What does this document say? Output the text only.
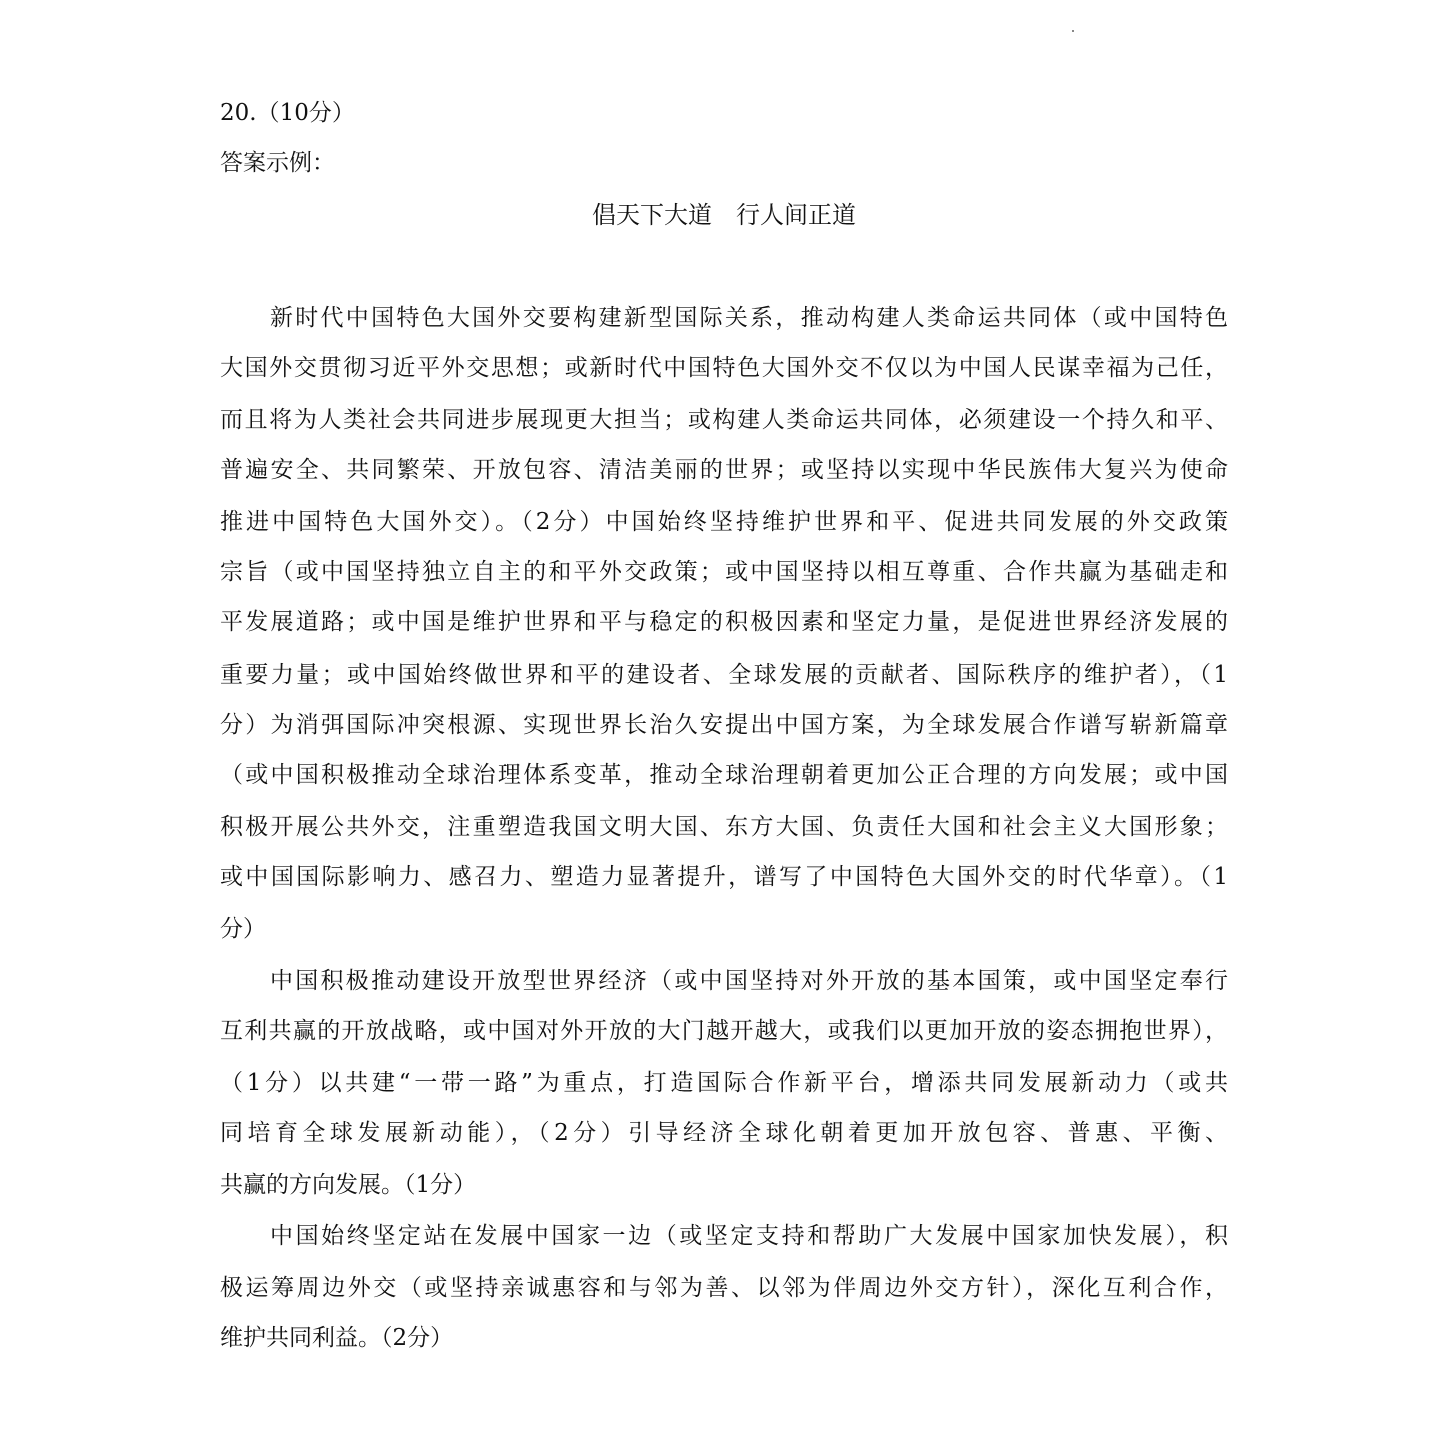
20.（10分）
答案示例：
倡天下大道　行人间正道
新时代中国特色大国外交要构建新型国际关系，推动构建人类命运共同体（或中国特色
大国外交贯彻习近平外交思想；或新时代中国特色大国外交不仅以为中国人民谋幸福为己任，
而且将为人类社会共同进步展现更大担当；或构建人类命运共同体，必须建设一个持久和平、
普遍安全、共同繁荣、开放包容、清洁美丽的世界；或坚持以实现中华民族伟大复兴为使命
推进中国特色大国外交）。（2分）中国始终坚持维护世界和平、促进共同发展的外交政策
宗旨（或中国坚持独立自主的和平外交政策；或中国坚持以相互尊重、合作共赢为基础走和
平发展道路；或中国是维护世界和平与稳定的积极因素和坚定力量，是促进世界经济发展的
重要力量；或中国始终做世界和平的建设者、全球发展的贡献者、国际秩序的维护者），（1
分）为消弭国际冲突根源、实现世界长治久安提出中国方案，为全球发展合作谱写崭新篇章
（或中国积极推动全球治理体系变革，推动全球治理朝着更加公正合理的方向发展；或中国
积极开展公共外交，注重塑造我国文明大国、东方大国、负责任大国和社会主义大国形象；
或中国国际影响力、感召力、塑造力显著提升，谱写了中国特色大国外交的时代华章）。（1
分）
中国积极推动建设开放型世界经济（或中国坚持对外开放的基本国策，或中国坚定奉行
互利共赢的开放战略，或中国对外开放的大门越开越大，或我们以更加开放的姿态拥抱世界），
（1分）以共建“一带一路”为重点，打造国际合作新平台，增添共同发展新动力（或共
同培育全球发展新动能），（2分）引导经济全球化朝着更加开放包容、普惠、平衡、
共赢的方向发展。（1分）
中国始终坚定站在发展中国家一边（或坚定支持和帮助广大发展中国家加快发展），积
极运筹周边外交（或坚持亲诚惠容和与邻为善、以邻为伴周边外交方针），深化互利合作，
维护共同利益。（2分）
